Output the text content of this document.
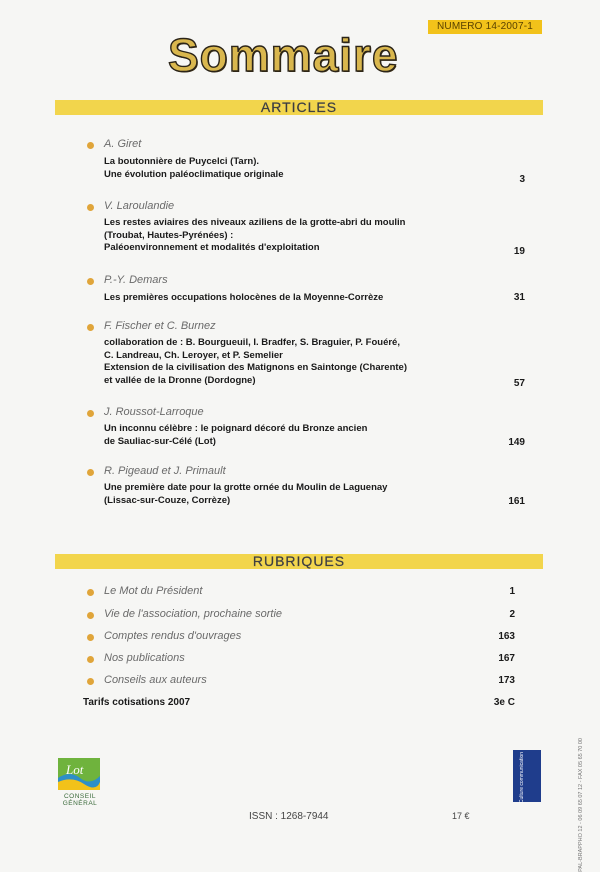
NUMERO 14-2007-1
Sommaire
ARTICLES
A. Giret
La boutonnière de Puycelci (Tarn).
Une évolution paléoclimatique originale	3
V. Laroulandie
Les restes aviaires des niveaux aziliens de la grotte-abri du moulin
(Troubat, Hautes-Pyrénées) :
Paléoenvironnement et modalités d'exploitation	19
P.-Y. Demars
Les premières occupations holocènes de la Moyenne-Corrèze	31
F. Fischer et C. Burnez
collaboration de : B. Bourgueuil, I. Bradfer, S. Braguier, P. Fouéré,
C. Landreau, Ch. Leroyer, et P. Semelier
Extension de la civilisation des Matignons en Saintonge (Charente)
et vallée de la Dronne (Dordogne)	57
J. Roussot-Larroque
Un inconnu célèbre : le poignard décoré du Bronze ancien
de Sauliac-sur-Célé (Lot)	149
R. Pigeaud et J. Primault
Une première date pour la grotte ornée du Moulin de Laguenay
(Lissac-sur-Couze, Corrèze)	161
RUBRIQUES
Le Mot du Président	1
Vie de l'association, prochaine sortie	2
Comptes rendus d'ouvrages	163
Nos publications	167
Conseils aux auteurs	173
Tarifs cotisations 2007	3e C
Lot
CONSEIL GÉNÉRAL
Culture communication
ISSN : 1268-7944	17 €	PAL-BRAPPHO 12 - 06 09 65 07 12 - FAX 05 65 70 00
